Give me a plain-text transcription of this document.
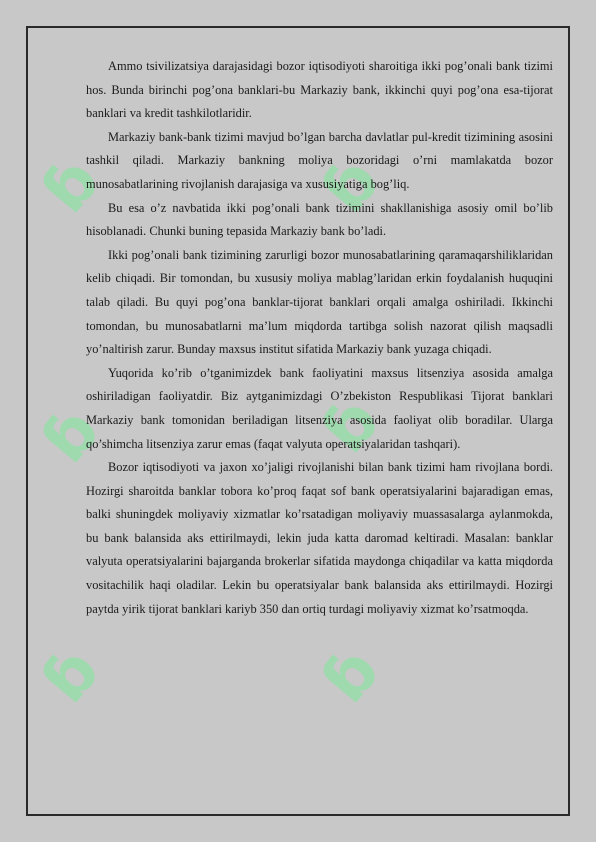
ɓ	ɓ
ɓ	ɓ
ɓ	ɓ

Ammo tsivilizatsiya darajasidagi bozor iqtisodiyoti sharoitiga ikki pog’onali bank tizimi hos. Bunda birinchi pog’ona banklari-bu Markaziy bank, ikkinchi quyi pog’ona esa-tijorat banklari va kredit tashkilotlaridir.

Markaziy bank-bank tizimi mavjud bo’lgan barcha davlatlar pul-kredit tizimining asosini tashkil qiladi. Markaziy bankning moliya bozoridagi o’rni mamlakatda bozor munosabatlarining rivojlanish darajasiga va xususiyatiga bog’liq.

Bu esa o’z navbatida ikki pog’onali bank tizimini shakllanishiga asosiy omil bo’lib hisoblanadi. Chunki buning tepasida Markaziy bank bo’ladi.

Ikki pog’onali bank tizimining zarurligi bozor munosabatlarining qaramaqarshiliklaridan kelib chiqadi. Bir tomondan, bu xususiy moliya mablag’laridan erkin foydalanish huquqini talab qiladi. Bu quyi pog’ona banklar-tijorat banklari orqali amalga oshiriladi. Ikkinchi tomondan, bu munosabatlarni ma’lum miqdorda tartibga solish nazorat qilish maqsadli yo’naltirish zarur. Bunday maxsus institut sifatida Markaziy bank yuzaga chiqadi.

Yuqorida ko’rib o’tganimizdek bank faoliyatini maxsus litsenziya asosida amalga oshiriladigan faoliyatdir. Biz aytganimizdagi O’zbekiston Respublikasi Tijorat banklari Markaziy bank tomonidan beriladigan litsenziya asosida faoliyat olib boradilar. Ularga qo’shimcha litsenziya zarur emas (faqat valyuta operatsiyalaridan tashqari).

Bozor iqtisodiyoti va jaxon xo’jaligi rivojlanishi bilan bank tizimi ham rivojlana bordi. Hozirgi sharoitda banklar tobora ko’proq faqat sof bank operatsiyalarini bajaradigan emas, balki shuningdek moliyaviy xizmatlar ko’rsatadigan moliyaviy muassasalarga aylanmokda, bu bank balansida aks ettirilmaydi, lekin juda katta daromad keltiradi. Masalan: banklar valyuta operatsiyalarini bajarganda brokerlar sifatida maydonga chiqadilar va katta miqdorda vositachilik haqi oladilar. Lekin bu operatsiyalar bank balansida aks ettirilmaydi. Hozirgi paytda yirik tijorat banklari kariyb 350 dan ortiq turdagi moliyaviy xizmat ko’rsatmoqda.
